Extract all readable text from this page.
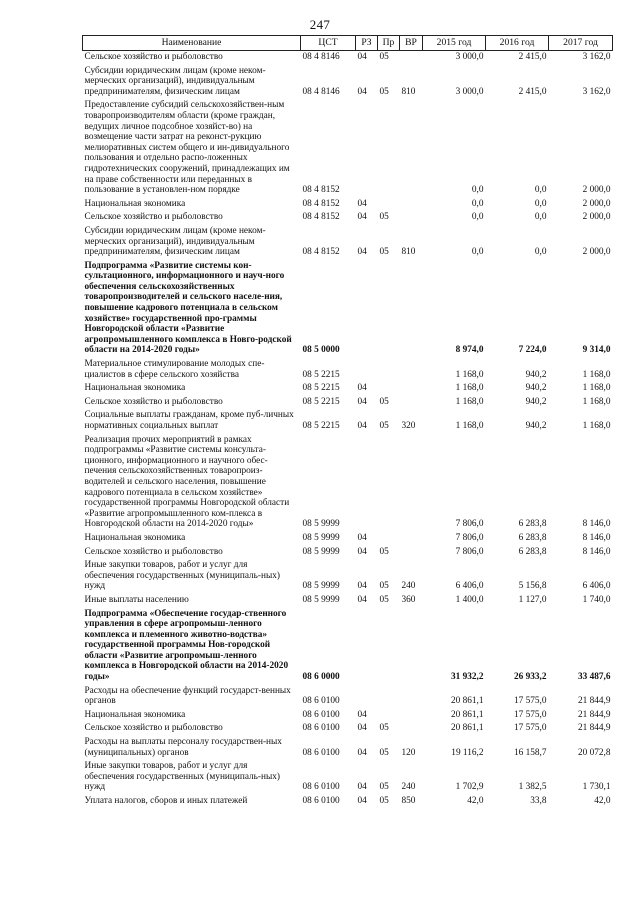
247
Наименование	ЦСТ	РЗ	Пр	ВР	2015 год	2016 год	2017 год
Сельское хозяйство и рыболовство	08 4 8146	04	05		3 000,0	2 415,0	3 162,0
Субсидии юридическим лицам (кроме неком-мерческих организаций), индивидуальным предпринимателям, физическим лицам	08 4 8146	04	05	810	3 000,0	2 415,0	3 162,0
Предоставление субсидий сельскохозяйствен-ным товаропроизводителям области (кроме граждан, ведущих личное подсобное хозяйст-во) на возмещение части затрат на реконст-рукцию мелиоративных систем общего и ин-дивидуального пользования и отдельно распо-ложенных гидротехнических сооружений, принадлежащих им на праве собственности или переданных в пользование в установлен-ном порядке	08 4 8152				0,0	0,0	2 000,0
Национальная экономика	08 4 8152	04			0,0	0,0	2 000,0
Сельское хозяйство и рыболовство	08 4 8152	04	05		0,0	0,0	2 000,0
Субсидии юридическим лицам (кроме неком-мерческих организаций), индивидуальным предпринимателям, физическим лицам	08 4 8152	04	05	810	0,0	0,0	2 000,0
Подпрограмма «Развитие системы кон-сультационного, информационного и науч-ного обеспечения сельскохозяйственных товаропроизводителей и сельского населе-ния, повышение кадрового потенциала в сельском хозяйстве» государственной про-граммы Новгородской области «Развитие агропромышленного комплекса в Новго-родской области на 2014-2020 годы»	08 5 0000				8 974,0	7 224,0	9 314,0
Материальное стимулирование молодых спе-циалистов в сфере сельского хозяйства	08 5 2215				1 168,0	940,2	1 168,0
Национальная экономика	08 5 2215	04			1 168,0	940,2	1 168,0
Сельское хозяйство и рыболовство	08 5 2215	04	05		1 168,0	940,2	1 168,0
Социальные выплаты гражданам, кроме пуб-личных нормативных социальных выплат	08 5 2215	04	05	320	1 168,0	940,2	1 168,0
Реализация прочих мероприятий в рамках подпрограммы «Развитие системы консульта-ционного, информационного и научного обес-печения сельскохозяйственных товаропроиз-водителей и сельского населения, повышение кадрового потенциала в сельском хозяйстве» государственной программы Новгородской области «Развитие агропромышленного ком-плекса в Новгородской области на 2014-2020 годы»	08 5 9999				7 806,0	6 283,8	8 146,0
Национальная экономика	08 5 9999	04			7 806,0	6 283,8	8 146,0
Сельское хозяйство и рыболовство	08 5 9999	04	05		7 806,0	6 283,8	8 146,0
Иные закупки товаров, работ и услуг для обеспечения государственных (муниципаль-ных) нужд	08 5 9999	04	05	240	6 406,0	5 156,8	6 406,0
Иные выплаты населению	08 5 9999	04	05	360	1 400,0	1 127,0	1 740,0
Подпрограмма «Обеспечение государ-ственного управления в сфере агропромыш-ленного комплекса и племенного животно-водства» государственной программы Нов-городской области «Развитие агропромыш-ленного комплекса в Новгородской области на 2014-2020 годы»	08 6 0000				31 932,2	26 933,2	33 487,6
Расходы на обеспечение функций государст-венных органов	08 6 0100				20 861,1	17 575,0	21 844,9
Национальная экономика	08 6 0100	04			20 861,1	17 575,0	21 844,9
Сельское хозяйство и рыболовство	08 6 0100	04	05		20 861,1	17 575,0	21 844,9
Расходы на выплаты персоналу государствен-ных (муниципальных) органов	08 6 0100	04	05	120	19 116,2	16 158,7	20 072,8
Иные закупки товаров, работ и услуг для обеспечения государственных (муниципаль-ных) нужд	08 6 0100	04	05	240	1 702,9	1 382,5	1 730,1
Уплата налогов, сборов и иных платежей	08 6 0100	04	05	850	42,0	33,8	42,0
